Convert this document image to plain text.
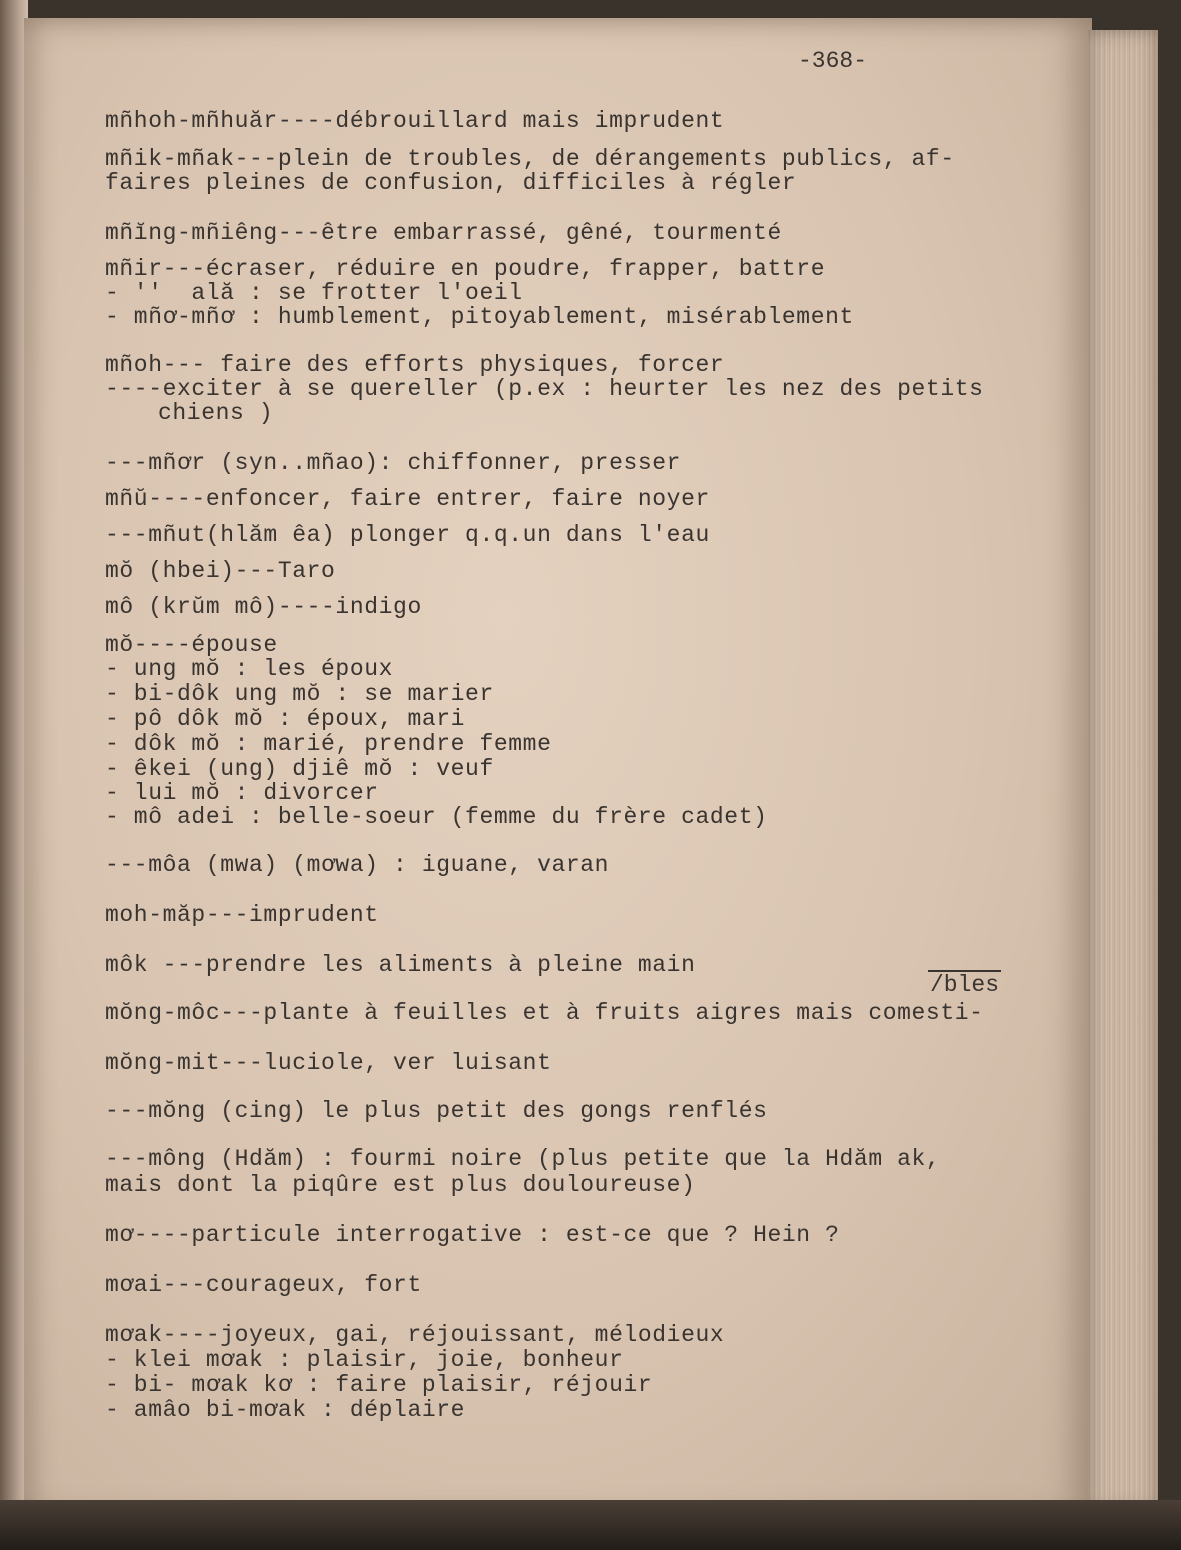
-368-

mñhoh-mñhuăr----débrouillard mais imprudent

mñik-mñak---plein de troubles, de dérangements publics, af-

faires pleines de confusion, difficiles à régler

mñĭng-mñiêng---être embarrassé, gêné, tourmenté

mñir---écraser, réduire en poudre, frapper, battre

- ''  ală : se frotter l'oeil

- mñơ-mñơ : humblement, pitoyablement, misérablement

mñoh--- faire des efforts physiques, forcer

----exciter à se quereller (p.ex : heurter les nez des petits

chiens )

---mñơr (syn..mñao): chiffonner, presser

mñŭ----enfoncer, faire entrer, faire noyer

---mñut(hlăm êa) plonger q.q.un dans l'eau

mŏ (hbei)---Taro

mô (krŭm mô)----indigo

mŏ----épouse

- ung mŏ : les époux

- bi-dôk ung mŏ : se marier

- pô dôk mŏ : époux, mari

- dôk mŏ : marié, prendre femme

- êkei (ung) djiê mŏ : veuf

- lui mŏ : divorcer

- mô adei : belle-soeur (femme du frère cadet)

---môa (mwa) (mơwa) : iguane, varan

moh-măp---imprudent

môk ---prendre les aliments à pleine main

/bles

mŏng-môc---plante à feuilles et à fruits aigres mais comesti-

mŏng-mit---luciole, ver luisant

---mŏng (cing) le plus petit des gongs renflés

---mông (Hdăm) : fourmi noire (plus petite que la Hdăm ak,

mais dont la piqûre est plus douloureuse)

mơ----particule interrogative : est-ce que ? Hein ?

mơai---courageux, fort

mơak----joyeux, gai, réjouissant, mélodieux

- klei mơak : plaisir, joie, bonheur

- bi- mơak kơ : faire plaisir, réjouir

- amâo bi-mơak : déplaire
